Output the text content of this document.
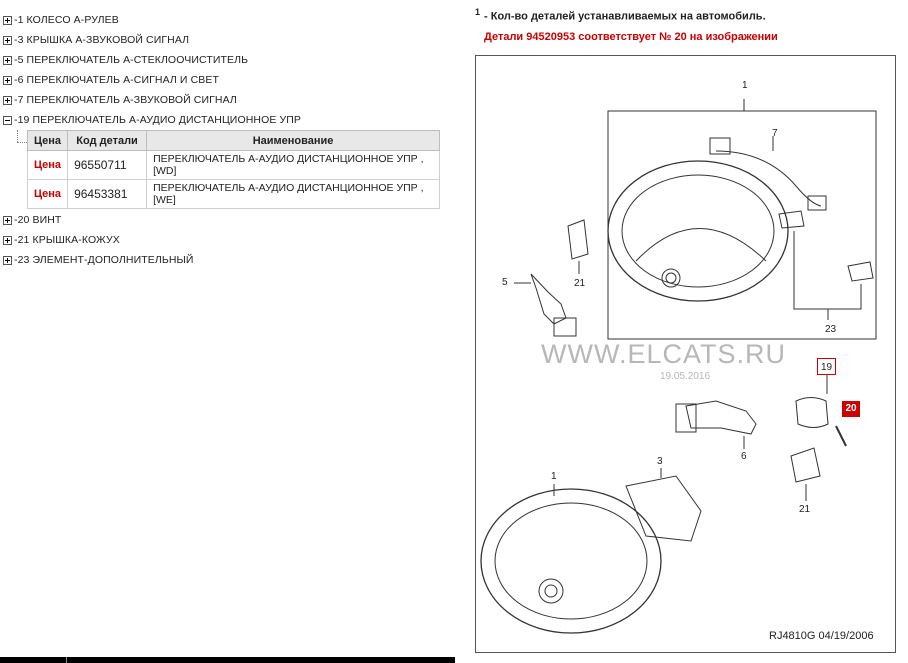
-1 КОЛЕСО А-РУЛЕВ
-3 КРЫШКА А-ЗВУКОВОЙ СИГНАЛ
-5 ПЕРЕКЛЮЧАТЕЛЬ А-СТЕКЛООЧИСТИТЕЛЬ
-6 ПЕРЕКЛЮЧАТЕЛЬ А-СИГНАЛ И СВЕТ
-7 ПЕРЕКЛЮЧАТЕЛЬ А-ЗВУКОВОЙ СИГНАЛ
-19 ПЕРЕКЛЮЧАТЕЛЬ А-АУДИО ДИСТАНЦИОННОЕ УПР
Цена	Код детали	Наименование
Цена	96550711	ПЕРЕКЛЮЧАТЕЛЬ А-АУДИО ДИСТАНЦИОННОЕ УПР ,[WD]
Цена	96453381	ПЕРЕКЛЮЧАТЕЛЬ А-АУДИО ДИСТАНЦИОННОЕ УПР ,[WE]
-20 ВИНТ
-21 КРЫШКА-КОЖУХ
-23 ЭЛЕМЕНТ-ДОПОЛНИТЕЛЬНЫЙ
$^1$ - Кол-во деталей устанавливаемых на автомобиль.
Детали 94520953 соответствует № 20 на изображении
WWW.ELCATS.RU
19.05.2016
1
7
5	21
23
19
20
6
3
1
21
RJ4810G 04/19/2006
